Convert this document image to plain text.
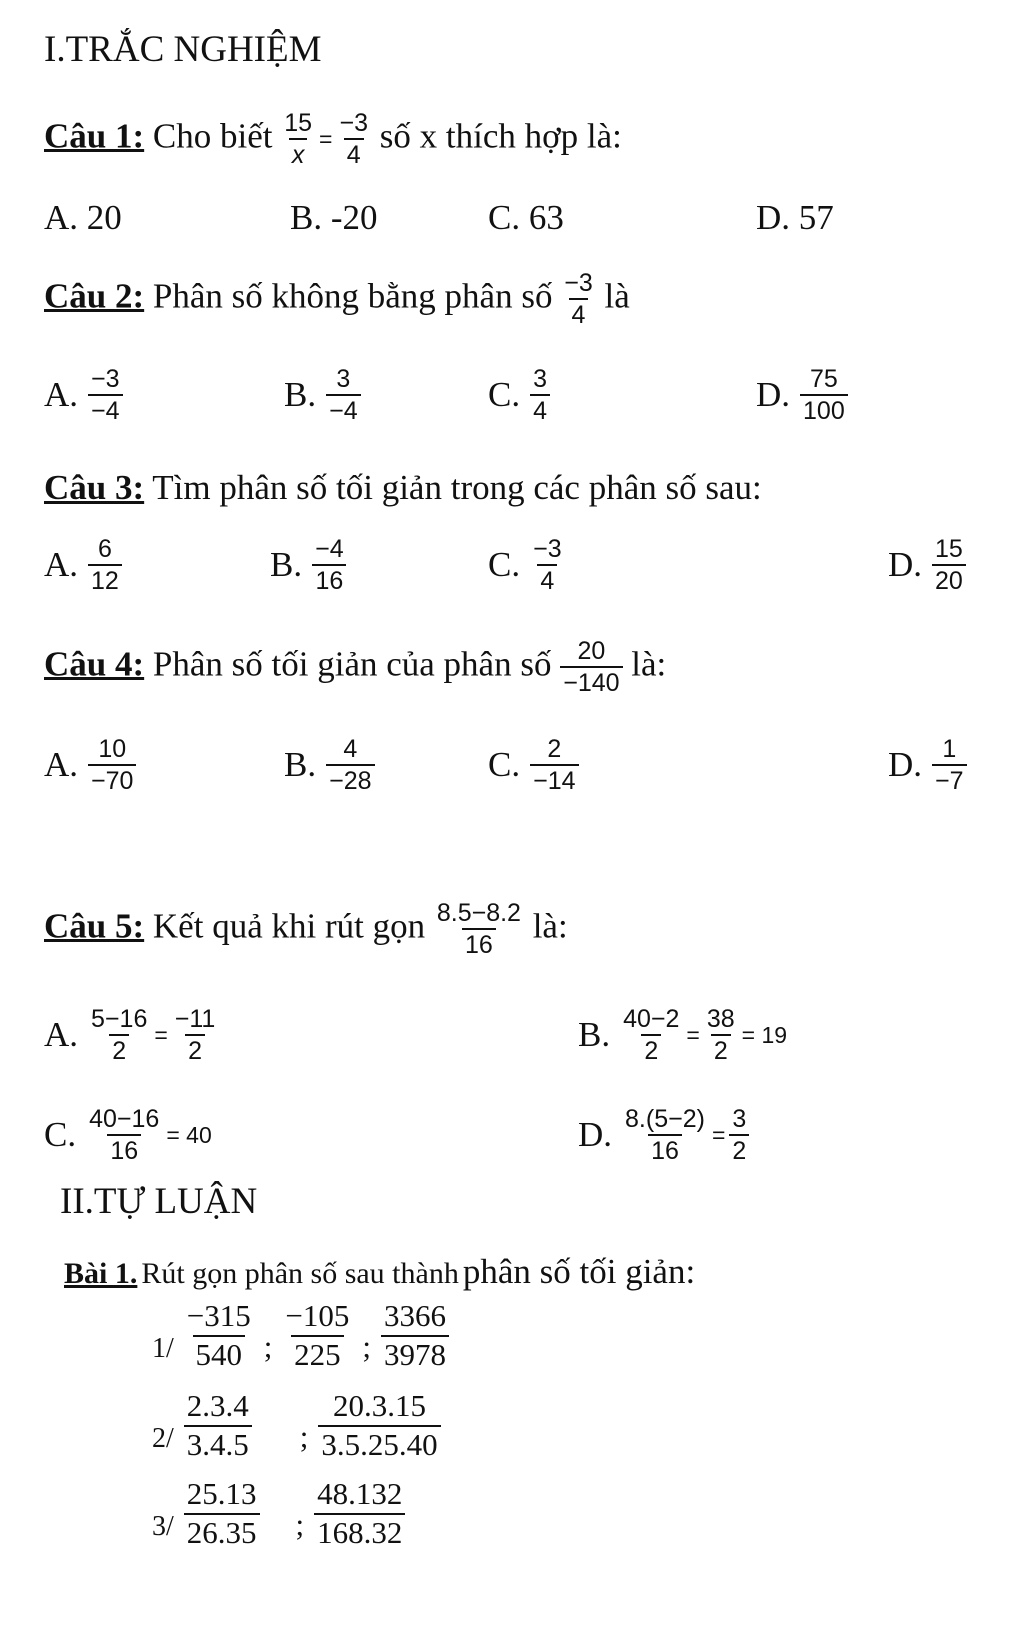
I.TRẮC NGHIỆM
Câu 1: Cho biết $\frac{15}{x} = \frac{-3}{4}$ số x thích hợp là:
A. 20	B. -20	C. 63	D. 57
Câu 2: Phân số không bằng phân số $\frac{-3}{4}$ là
A. $\frac{-3}{-4}$	B. $\frac{3}{-4}$	C. $\frac{3}{4}$	D. $\frac{75}{100}$
Câu 3: Tìm phân số tối giản trong các phân số sau:
A. $\frac{6}{12}$	B. $\frac{-4}{16}$	C. $\frac{-3}{4}$	D. $\frac{15}{20}$
Câu 4: Phân số tối giản của phân số $\frac{20}{-140}$ là:
A. $\frac{10}{-70}$	B. $\frac{4}{-28}$	C. $\frac{2}{-14}$	D. $\frac{1}{-7}$
Câu 5: Kết quả khi rút gọn $\frac{8.5-8.2}{16}$ là:
A. $\frac{5-16}{2} = \frac{-11}{2}$	B. $\frac{40-2}{2} = \frac{38}{2} = 19$
C. $\frac{40-16}{16} = 40$	D. $\frac{8.(5-2)}{16} = \frac{3}{2}$
II.TỰ LUẬN
Bài 1. Rút gọn phân số sau thành phân số tối giản:
$1/ \frac{-315}{540}$ ; $\frac{-105}{225}$ ; $\frac{3366}{3978}$
$2/ \frac{2.3.4}{3.4.5}$ ; $\frac{20.3.15}{3.5.25.40}$
$3/ \frac{25.13}{26.35}$ ; $\frac{48.132}{168.32}$
